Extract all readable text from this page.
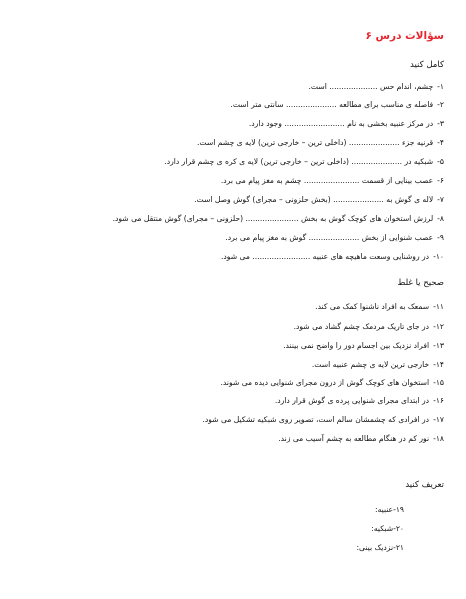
سؤالات درس ۶
کامل کنید
۱-چشم، اندام حس .................... است.
۲-فاصله ی مناسب برای مطالعه ..................... سانتی متر است.
۳-در مرکز عنبیه بخشی به نام ......................... وجود دارد.
۴-قرنیه جزء ..................... (داخلی ترین – خارجی ترین) لایه ی چشم است.
۵-شبکیه در ..................... (داخلی ترین – خارجی ترین) لایه ی کره ی چشم قرار دارد.
۶-عصب بینایی از قسمت ....................... چشم به مغز پیام می برد.
۷-لاله ی گوش به ..................... (بخش حلزونی – مجرای) گوش وصل است.
۸-لرزش استخوان های کوچک گوش به بخش ...................... (حلزونی – مجرای) گوش منتقل می شود.
۹-عصب شنوایی از بخش ..................... گوش به مغز پیام می برد.
۱۰-در روشنایی وسعت ماهیچه های عنبیه ........................ می شود.
صحیح یا غلط
۱۱-سمعک به افراد ناشنوا کمک می کند.
۱۲-در جای تاریک مردمک چشم گشاد می شود.
۱۳-افراد نزدیک بین اجسام دور را واضح نمی بینند.
۱۴-خارجی ترین لایه ی چشم عنبیه است.
۱۵-استخوان های کوچک گوش از درون مجرای شنوایی دیده می شوند.
۱۶-در ابتدای مجرای شنوایی پرده ی گوش قرار دارد.
۱۷-در افرادی که چشمشان سالم است، تصویر روی شبکیه تشکیل می شود.
۱۸-نور کم در هنگام مطالعه به چشم آسیب می زند.
تعریف کنید
۱۹-عنبیه:
۲۰-شبکیه:
۲۱-نزدیک بینی:
